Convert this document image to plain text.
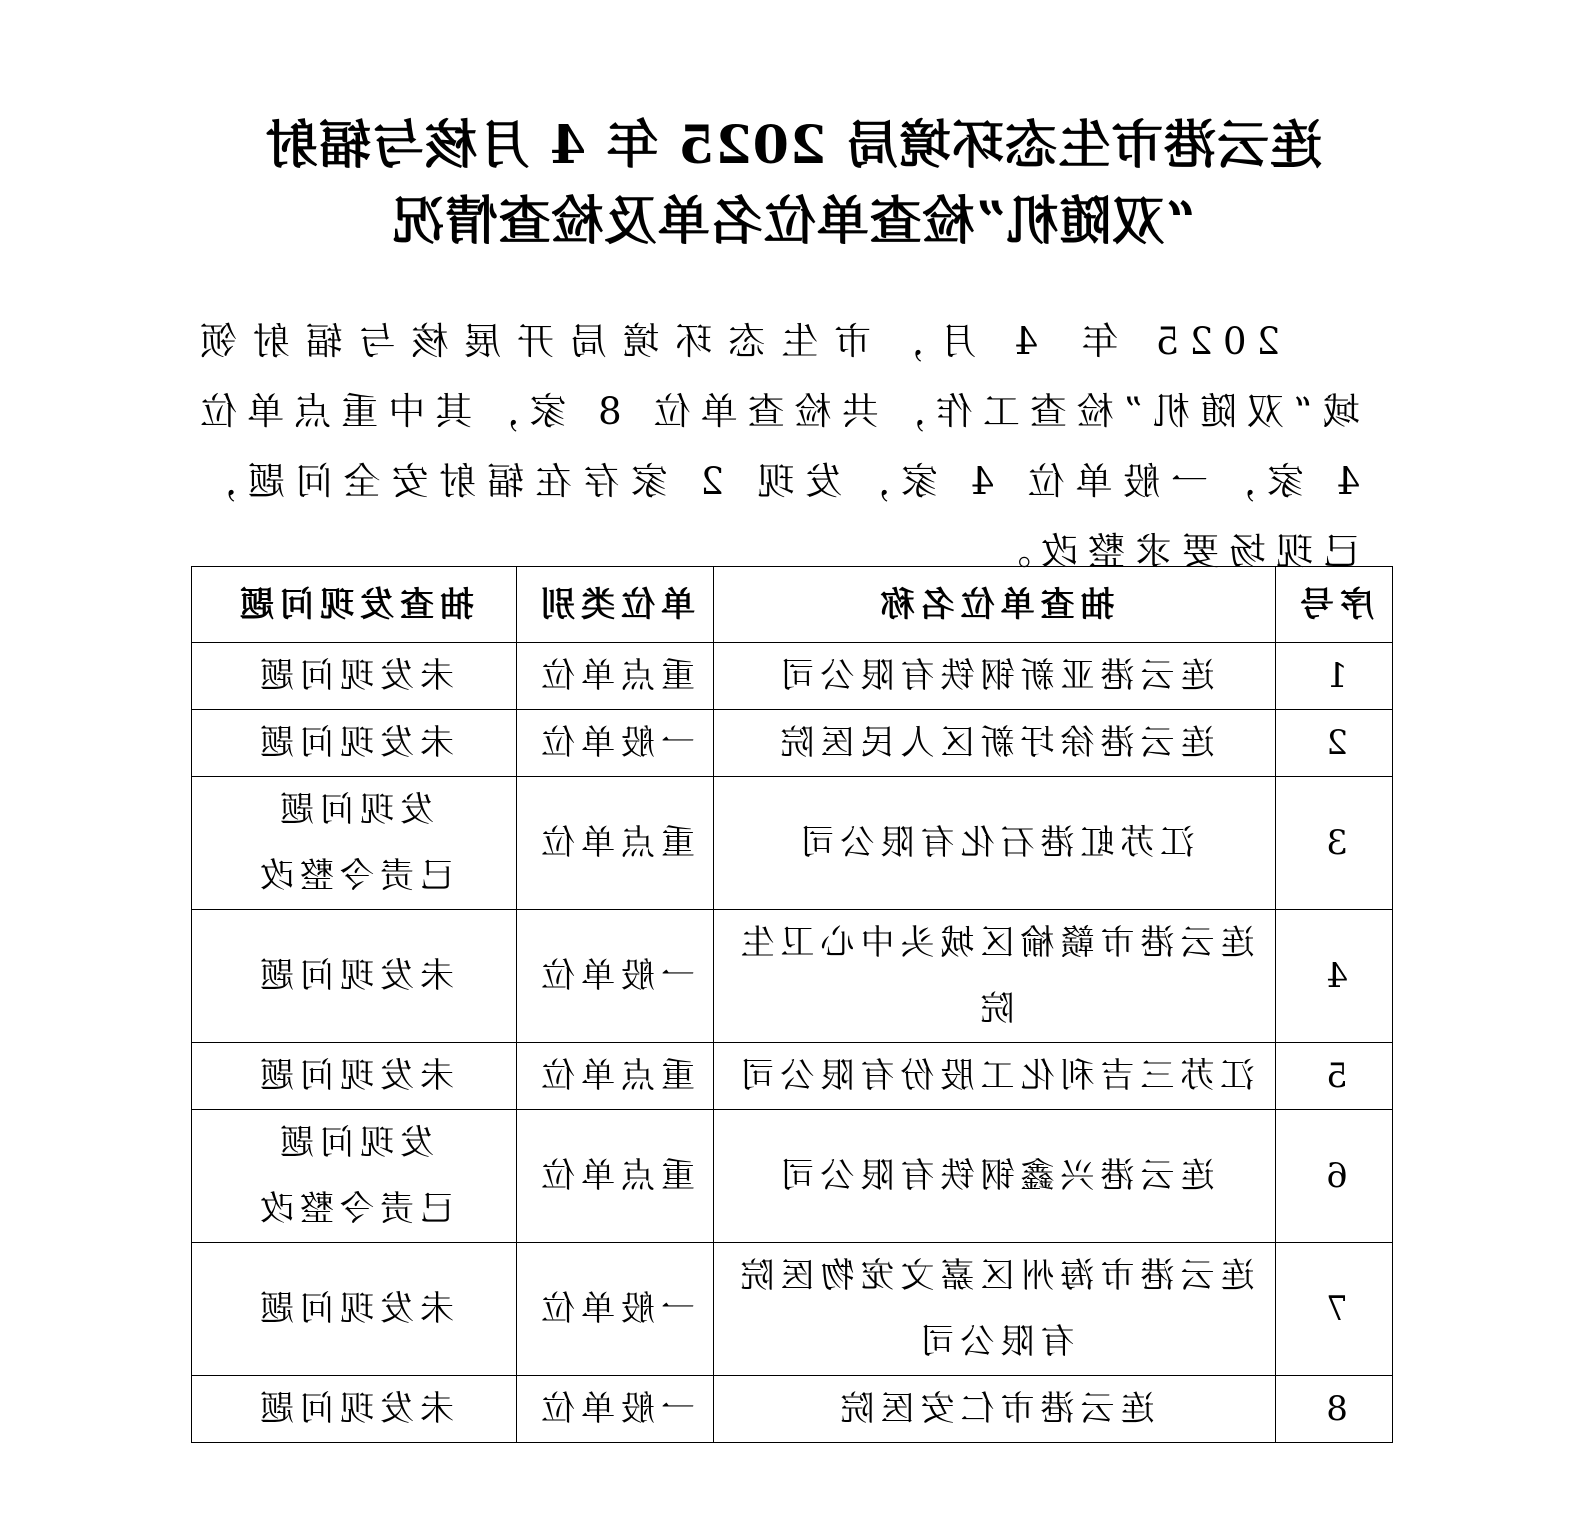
连云港市生态环境局 2025 年 4 月核与辐射
“双随机”检查单位名单及检查情况

2025 年 4 月，市生态环境局开展核与辐射领域“双随机”检查工作，共检查单位 8 家，其中重点单位 4 家，一般单位 4 家，发现 2 家存在辐射安全问题，已现场要求整改。

序号	抽查单位名称	单位类别	抽查发现问题
1	连云港亚新钢铁有限公司	重点单位	未发现问题

2	连云港徐圩新区人民医院	一般单位	未发现问题

3	江苏虹港石化有限公司	重点单位	发现问题
已责令整改

4	连云港市赣榆区城头中心卫生院	一般单位	未发现问题

5	江苏三吉利化工股份有限公司	重点单位	未发现问题

6	连云港兴鑫钢铁有限公司	重点单位	发现问题
已责令整改

7	连云港市海州区嘉文宠物医院
有限公司	一般单位	未发现问题

8	连云港市仁安医院	一般单位	未发现问题
